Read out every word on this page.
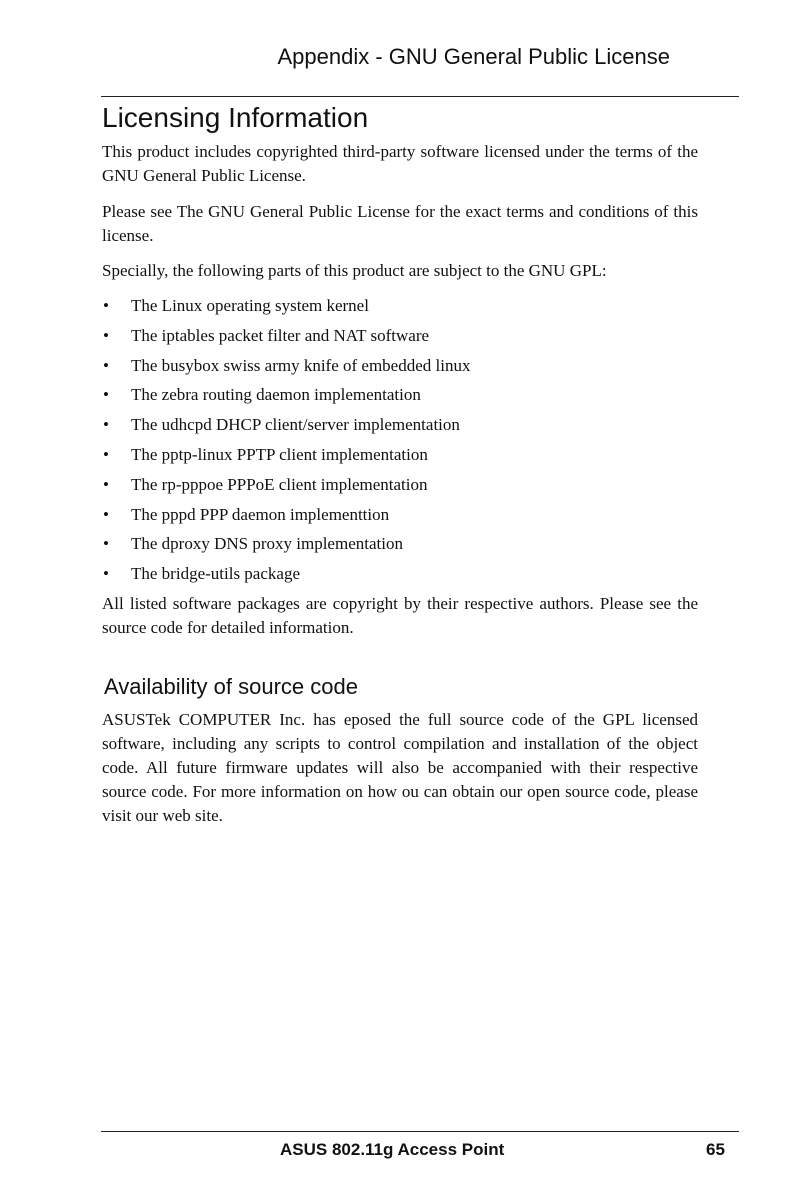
Appendix - GNU General Public License
Licensing Information
This product includes copyrighted third-party software licensed under the terms of the GNU General Public License.
Please see The GNU General Public License for the exact terms and conditions of this license.
Specially, the following parts of this product are subject to the GNU GPL:
• The Linux operating system kernel
• The iptables packet filter and NAT software
• The busybox swiss army knife of embedded linux
• The zebra routing daemon implementation
• The udhcpd DHCP client/server implementation
• The pptp-linux PPTP client implementation
• The rp-pppoe PPPoE client implementation
• The pppd PPP daemon implementtion
• The dproxy DNS proxy implementation
• The bridge-utils package
All listed software packages are copyright by their respective authors. Please see the source code for detailed information.
Availability of source code
ASUSTek COMPUTER Inc. has eposed the full source code of the GPL licensed software, including any scripts to control compilation and installation of the object code. All future firmware updates will also be accompanied with their respective source code. For more information on how ou can obtain our open source code, please visit our web site.
ASUS 802.11g Access Point	65
